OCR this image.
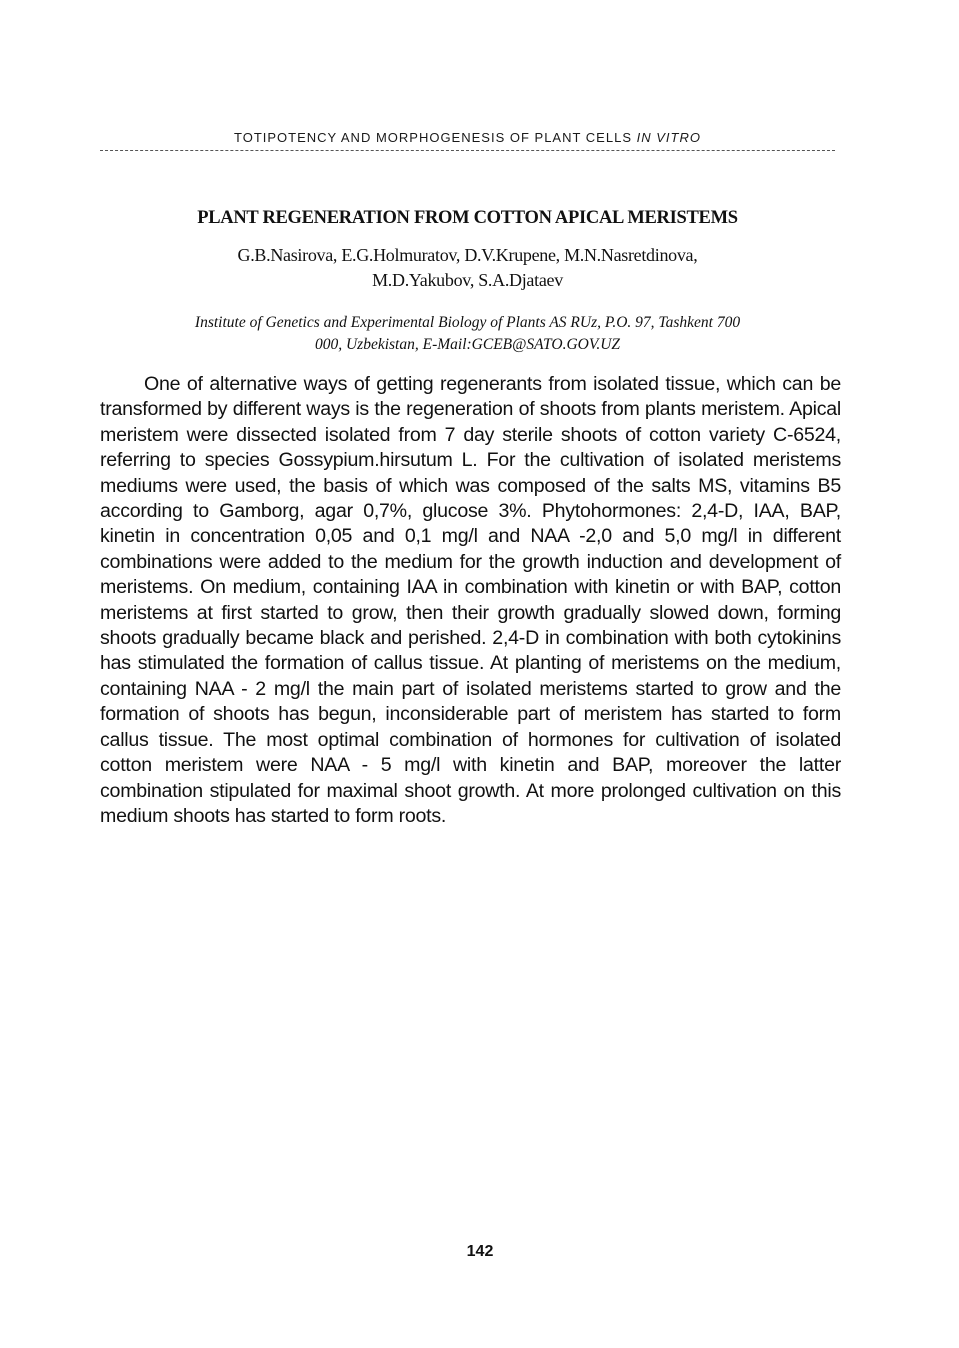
TOTIPOTENCY AND MORPHOGENESIS OF PLANT CELLS IN VITRO
PLANT REGENERATION FROM COTTON APICAL MERISTEMS
G.B.Nasirova, E.G.Holmuratov, D.V.Krupene, M.N.Nasretdinova,
M.D.Yakubov, S.A.Djataev
Institute of Genetics and Experimental Biology of Plants AS RUz, P.O. 97, Tashkent 700
000, Uzbekistan, E-Mail:GCEB@SATO.GOV.UZ

One of alternative ways of getting regenerants from isolated tissue, which can be transformed by different ways is the regeneration of shoots from plants meristem. Apical meristem were dissected isolated from 7 day sterile shoots of cotton variety C-6524, referring to species Gossypium.hirsutum L. For the cultivation of isolated meristems mediums were used, the basis of which was composed of the salts MS, vitamins B5 according to Gamborg, agar 0,7%, glucose 3%. Phytohormones: 2,4-D, IAA, BAP, kinetin in concentration 0,05 and 0,1 mg/l and NAA -2,0 and 5,0 mg/l in different combinations were added to the medium for the growth induction and development of meristems. On medium, containing IAA in combination with kinetin or with BAP, cotton meristems at first started to grow, then their growth gradually slowed down, forming shoots gradually became black and perished. 2,4-D in combination with both cytokinins has stimulated the formation of callus tissue. At planting of meristems on the medium, containing NAA - 2 mg/l the main part of isolated meristems started to grow and the formation of shoots has begun, inconsiderable part of meristem has started to form callus tissue. The most optimal combination of hormones for cultivation of isolated cotton meristem were NAA - 5 mg/l with kinetin and BAP, moreover the latter combination stipulated for maximal shoot growth. At more prolonged cultivation on this medium shoots has started to form roots.

142
